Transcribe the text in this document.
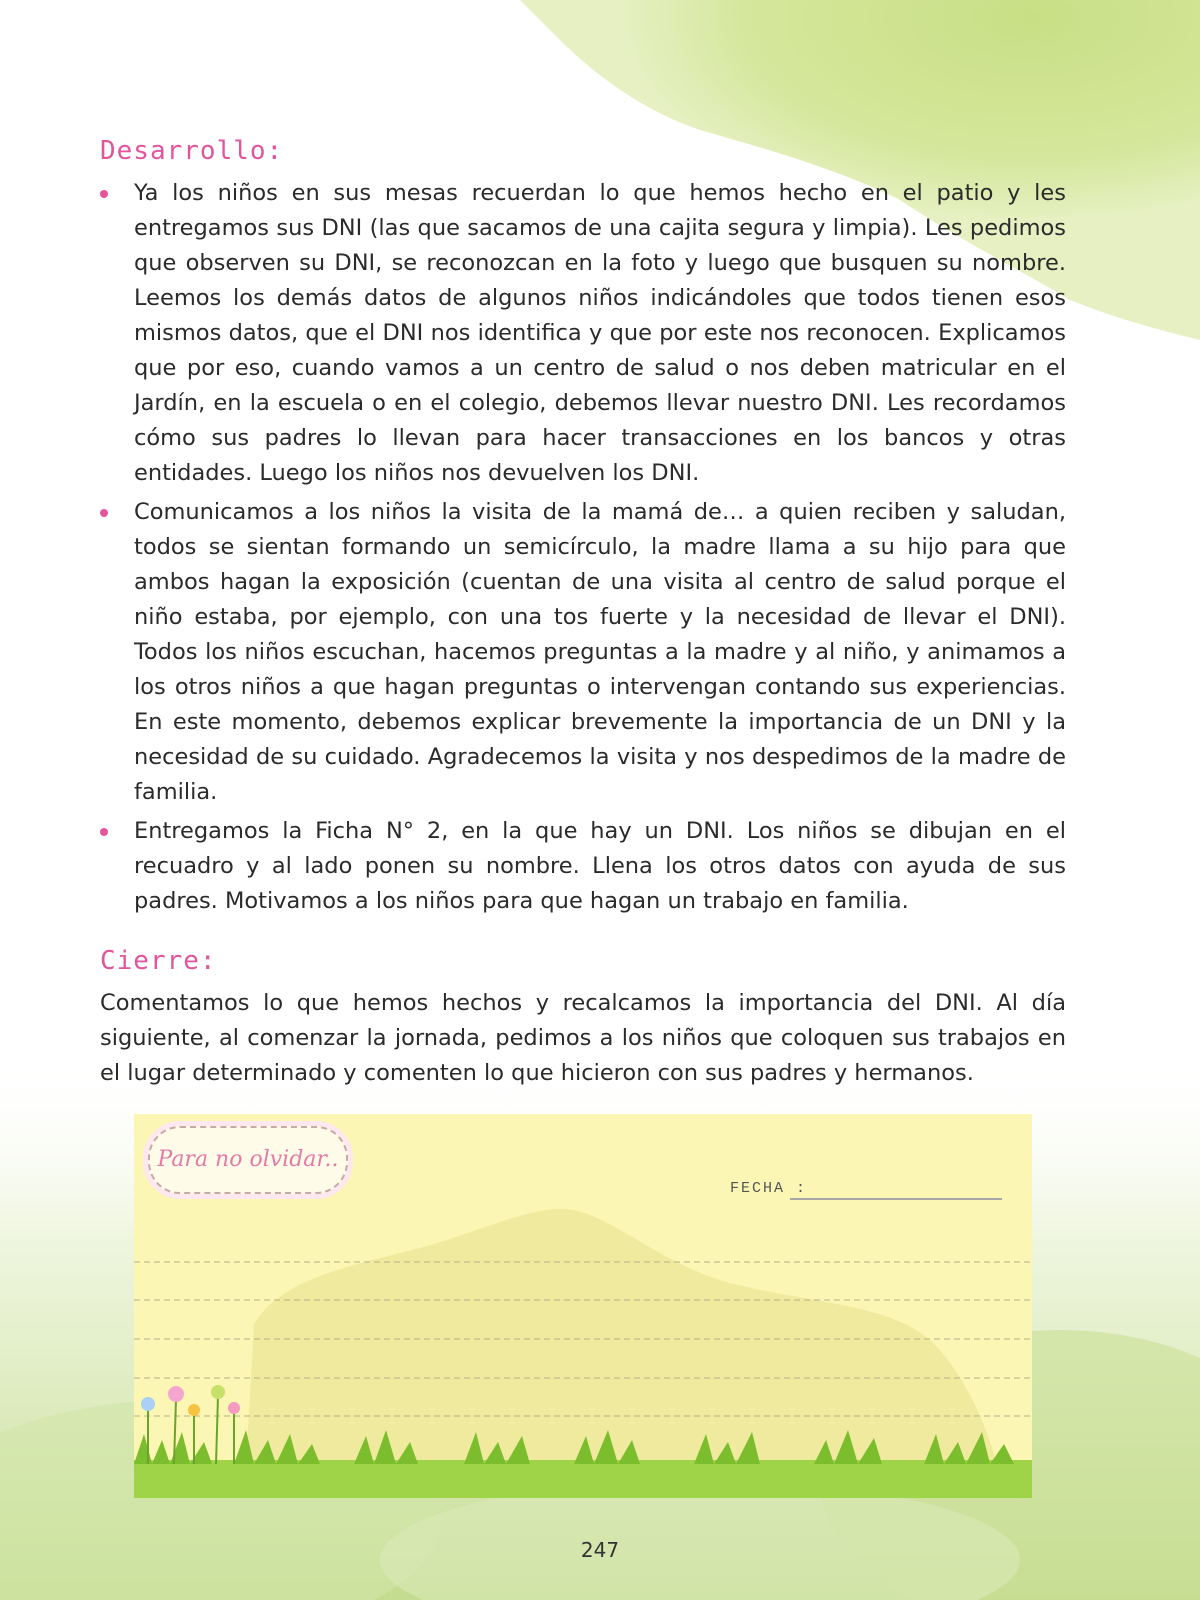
Desarrollo:
Ya los niños en sus mesas recuerdan lo que hemos hecho en el patio y les entregamos sus DNI (las que sacamos de una cajita segura y limpia). Les pedimos que observen su DNI, se reconozcan en la foto y luego que busquen su nombre. Leemos los demás datos de algunos niños indicándoles que todos tienen esos mismos datos, que el DNI nos identifica y que por este nos reconocen. Explicamos que por eso, cuando vamos a un centro de salud o nos deben matricular en el Jardín, en la escuela o en el colegio, debemos llevar nuestro DNI. Les recordamos cómo sus padres lo llevan para hacer transacciones en los bancos y otras entidades. Luego los niños nos devuelven los DNI.
Comunicamos a los niños la visita de la mamá de… a quien reciben y saludan, todos se sientan formando un semicírculo, la madre llama a su hijo para que ambos hagan la exposición (cuentan de una visita al centro de salud porque el niño estaba, por ejemplo, con una tos fuerte y la necesidad de llevar el DNI). Todos los niños escuchan, hacemos preguntas a la madre y al niño, y animamos a los otros niños a que hagan preguntas o intervengan contando sus experiencias. En este momento, debemos explicar brevemente la importancia de un DNI y la necesidad de su cuidado. Agradecemos la visita y nos despedimos de la madre de familia.
Entregamos la Ficha N° 2, en la que hay un DNI. Los niños se dibujan en el recuadro y al lado ponen su nombre. Llena los otros datos con ayuda de sus padres. Motivamos a los niños para que hagan un trabajo en familia.
Cierre:

Comentamos lo que hemos hechos y recalcamos la importancia del DNI. Al día siguiente, al comenzar la jornada, pedimos a los niños que coloquen sus trabajos en el lugar determinado y comenten lo que hicieron con sus padres y hermanos.

Para no olvidar..
FECHA :
247
